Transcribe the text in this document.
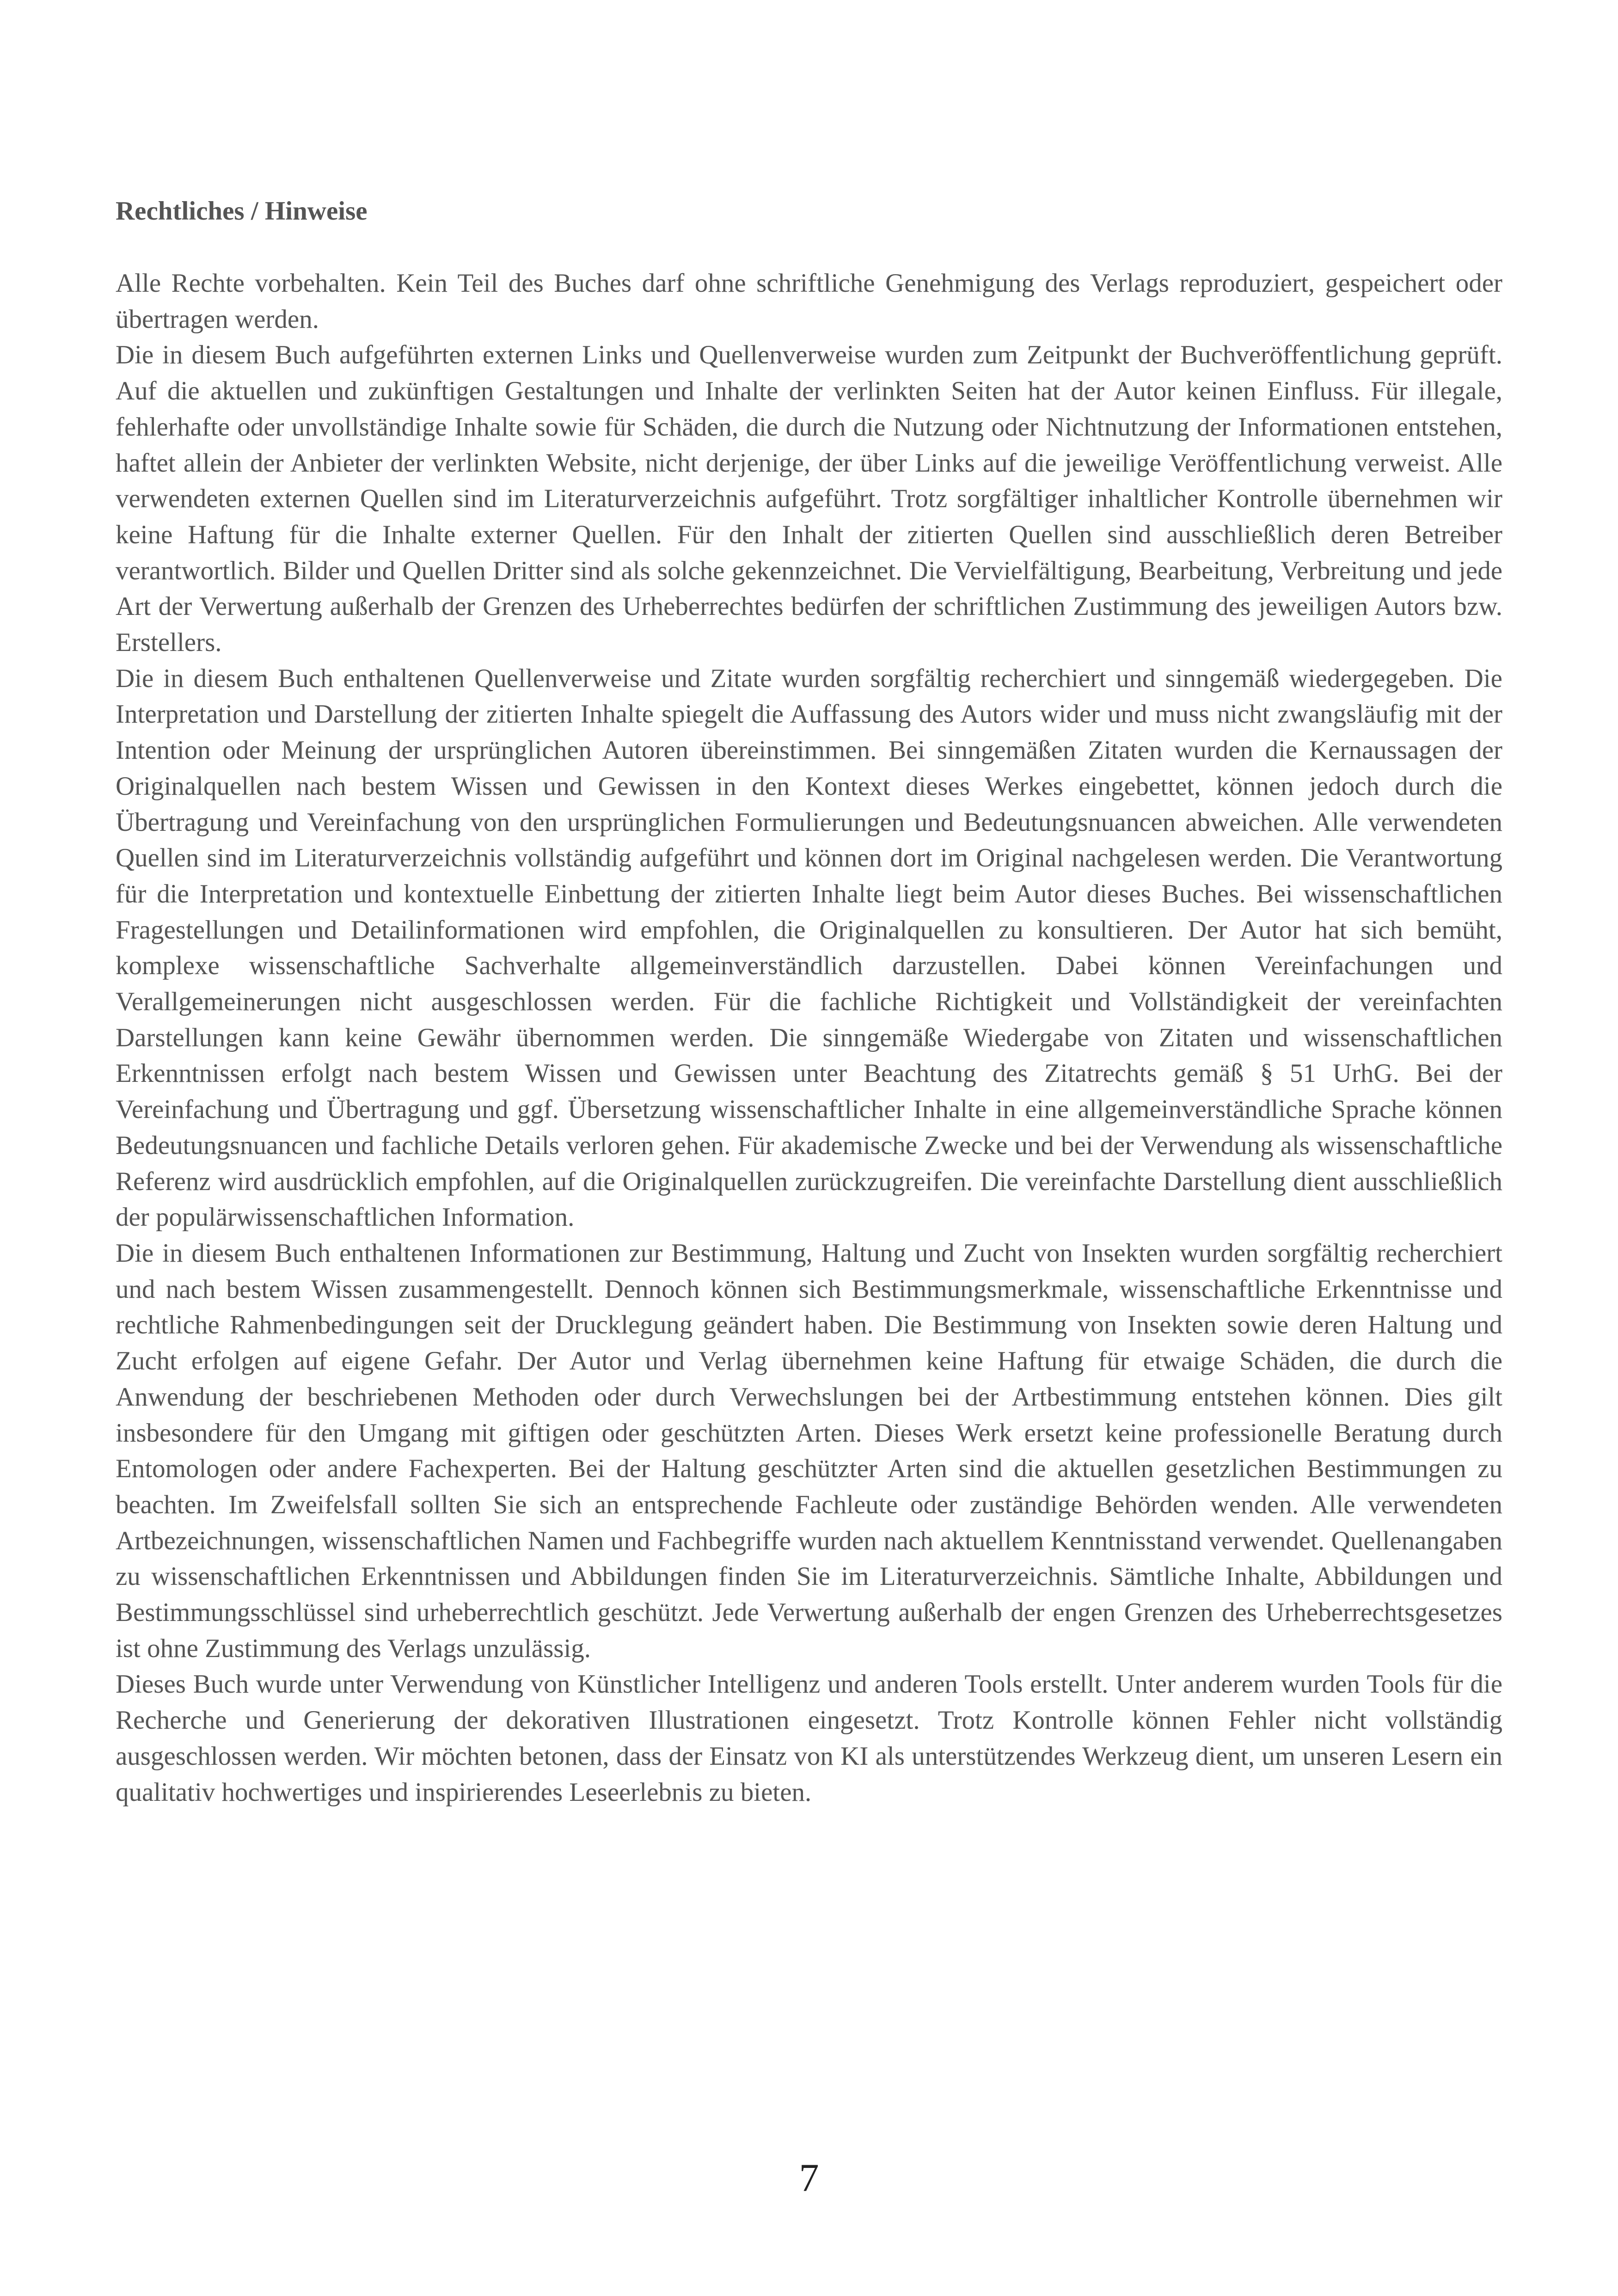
Rechtliches / Hinweise

Alle Rechte vorbehalten. Kein Teil des Buches darf ohne schriftliche Genehmigung des Verlags reproduziert, gespeichert oder übertragen werden.

Die in diesem Buch aufgeführten externen Links und Quellenverweise wurden zum Zeitpunkt der Buchveröffentlichung geprüft. Auf die aktuellen und zukünftigen Gestaltungen und Inhalte der verlinkten Seiten hat der Autor keinen Einfluss. Für illegale, fehlerhafte oder unvollständige Inhalte sowie für Schäden, die durch die Nutzung oder Nichtnutzung der Informationen entstehen, haftet allein der Anbieter der verlinkten Website, nicht derjenige, der über Links auf die jeweilige Veröffentlichung verweist. Alle verwendeten externen Quellen sind im Literaturverzeichnis aufgeführt. Trotz sorgfältiger inhaltlicher Kontrolle übernehmen wir keine Haftung für die Inhalte externer Quellen. Für den Inhalt der zitierten Quellen sind ausschließlich deren Betreiber verantwortlich. Bilder und Quellen Dritter sind als solche gekennzeichnet. Die Vervielfältigung, Bearbeitung, Verbreitung und jede Art der Verwertung außerhalb der Grenzen des Urheberrechtes bedürfen der schriftlichen Zustimmung des jeweiligen Autors bzw. Erstellers.

Die in diesem Buch enthaltenen Quellenverweise und Zitate wurden sorgfältig recherchiert und sinngemäß wiedergegeben. Die Interpretation und Darstellung der zitierten Inhalte spiegelt die Auffassung des Autors wider und muss nicht zwangsläufig mit der Intention oder Meinung der ursprünglichen Autoren übereinstimmen. Bei sinngemäßen Zitaten wurden die Kernaussagen der Originalquellen nach bestem Wissen und Gewissen in den Kontext dieses Werkes eingebettet, können jedoch durch die Übertragung und Vereinfachung von den ursprünglichen Formulierungen und Bedeutungsnuancen abweichen. Alle verwendeten Quellen sind im Literaturverzeichnis vollständig aufgeführt und können dort im Original nachgelesen werden. Die Verantwortung für die Interpretation und kontextuelle Einbettung der zitierten Inhalte liegt beim Autor dieses Buches. Bei wissenschaftlichen Fragestellungen und Detailinformationen wird empfohlen, die Originalquellen zu konsultieren. Der Autor hat sich bemüht, komplexe wissenschaftliche Sachverhalte allgemeinverständlich darzustellen. Dabei können Vereinfachungen und Verallgemeinerungen nicht ausgeschlossen werden. Für die fachliche Richtigkeit und Vollständigkeit der vereinfachten Darstellungen kann keine Gewähr übernommen werden. Die sinngemäße Wiedergabe von Zitaten und wissenschaftlichen Erkenntnissen erfolgt nach bestem Wissen und Gewissen unter Beachtung des Zitatrechts gemäß § 51 UrhG. Bei der Vereinfachung und Übertragung und ggf. Übersetzung wissenschaftlicher Inhalte in eine allgemeinverständliche Sprache können Bedeutungsnuancen und fachliche Details verloren gehen. Für akademische Zwecke und bei der Verwendung als wissenschaftliche Referenz wird ausdrücklich empfohlen, auf die Originalquellen zurückzugreifen. Die vereinfachte Darstellung dient ausschließlich der populärwissenschaftlichen Information.

Die in diesem Buch enthaltenen Informationen zur Bestimmung, Haltung und Zucht von Insekten wurden sorgfältig recherchiert und nach bestem Wissen zusammengestellt. Dennoch können sich Bestimmungsmerkmale, wissenschaftliche Erkenntnisse und rechtliche Rahmenbedingungen seit der Drucklegung geändert haben. Die Bestimmung von Insekten sowie deren Haltung und Zucht erfolgen auf eigene Gefahr. Der Autor und Verlag übernehmen keine Haftung für etwaige Schäden, die durch die Anwendung der beschriebenen Methoden oder durch Verwechslungen bei der Artbestimmung entstehen können. Dies gilt insbesondere für den Umgang mit giftigen oder geschützten Arten. Dieses Werk ersetzt keine professionelle Beratung durch Entomologen oder andere Fachexperten. Bei der Haltung geschützter Arten sind die aktuellen gesetzlichen Bestimmungen zu beachten. Im Zweifelsfall sollten Sie sich an entsprechende Fachleute oder zuständige Behörden wenden. Alle verwendeten Artbezeichnungen, wissenschaftlichen Namen und Fachbegriffe wurden nach aktuellem Kenntnisstand verwendet. Quellenangaben zu wissenschaftlichen Erkenntnissen und Abbildungen finden Sie im Literaturverzeichnis. Sämtliche Inhalte, Abbildungen und Bestimmungsschlüssel sind urheberrechtlich geschützt. Jede Verwertung außerhalb der engen Grenzen des Urheberrechtsgesetzes ist ohne Zustimmung des Verlags unzulässig.

Dieses Buch wurde unter Verwendung von Künstlicher Intelligenz und anderen Tools erstellt. Unter anderem wurden Tools für die Recherche und Generierung der dekorativen Illustrationen eingesetzt. Trotz Kontrolle können Fehler nicht vollständig ausgeschlossen werden. Wir möchten betonen, dass der Einsatz von KI als unterstützendes Werkzeug dient, um unseren Lesern ein qualitativ hochwertiges und inspirierendes Leseerlebnis zu bieten.

7
